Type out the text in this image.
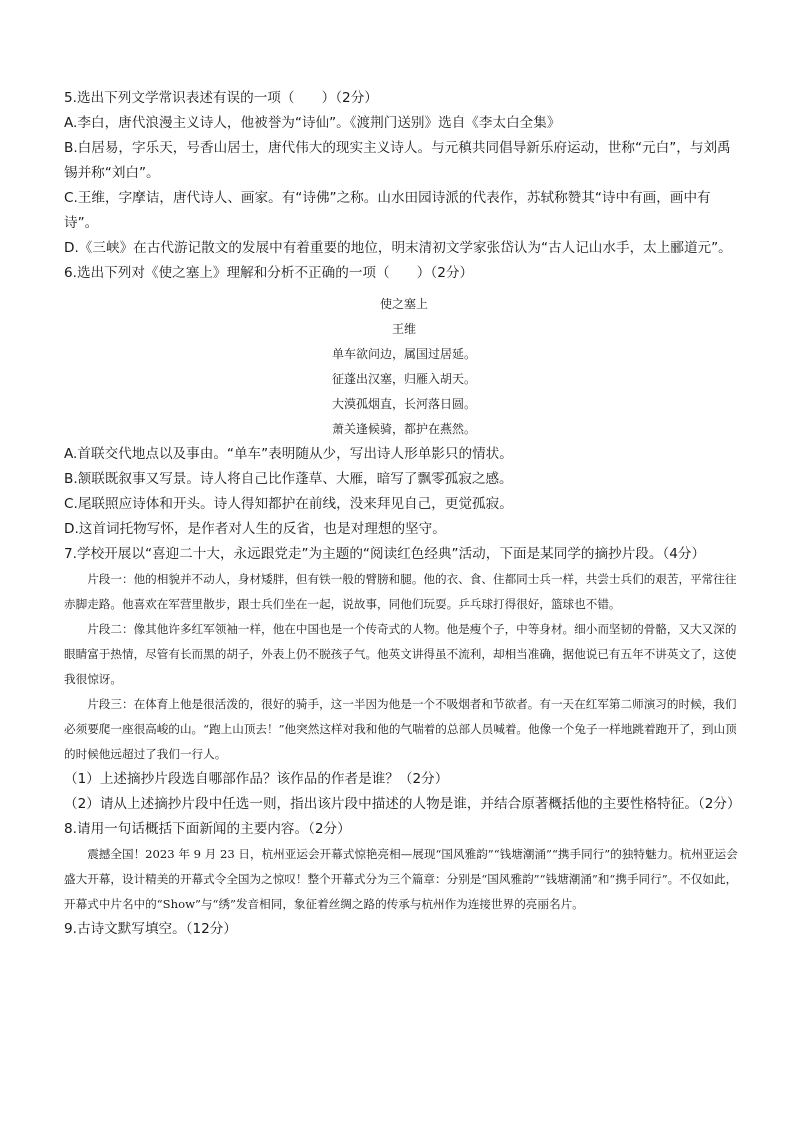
5.选出下列文学常识表述有误的一项（　　）（2分）

A.李白，唐代浪漫主义诗人，他被誉为“诗仙”。《渡荆门送别》选自《李太白全集》

B.白居易，字乐天，号香山居士，唐代伟大的现实主义诗人。与元稹共同倡导新乐府运动，世称“元白”，与刘禹锡并称“刘白”。

C.王维，字摩诘，唐代诗人、画家。有“诗佛”之称。山水田园诗派的代表作，苏轼称赞其“诗中有画，画中有诗”。

D.《三峡》在古代游记散文的发展中有着重要的地位，明末清初文学家张岱认为“古人记山水手，太上郦道元”。

6.选出下列对《使之塞上》理解和分析不正确的一项（　　）（2分）

使之塞上

王维

单车欲问边，属国过居延。

征蓬出汉塞，归雁入胡天。

大漠孤烟直，长河落日圆。

萧关逢候骑，都护在燕然。

A.首联交代地点以及事由。“单车”表明随从少，写出诗人形单影只的情状。

B.颔联既叙事又写景。诗人将自己比作蓬草、大雁，暗写了飘零孤寂之感。

C.尾联照应诗体和开头。诗人得知都护在前线，没来拜见自己，更觉孤寂。

D.这首词托物写怀，是作者对人生的反省，也是对理想的坚守。

7.学校开展以“喜迎二十大，永远跟党走”为主题的“阅读红色经典”活动，下面是某同学的摘抄片段。（4分）

片段一：他的相貌并不动人，身材矮胖，但有铁一般的臂膀和腿。他的衣、食、住都同士兵一样，共尝士兵们的艰苦，平常往往赤脚走路。他喜欢在军营里散步，跟士兵们坐在一起，说故事，同他们玩耍。乒乓球打得很好，篮球也不错。

片段二：像其他许多红军领袖一样，他在中国也是一个传奇式的人物。他是瘦个子，中等身材。细小而坚韧的骨骼，又大又深的眼睛富于热情，尽管有长而黑的胡子，外表上仍不脱孩子气。他英文讲得虽不流利，却相当准确，据他说已有五年不讲英文了，这使我很惊讶。

片段三：在体育上他是很活泼的，很好的骑手，这一半因为他是一个不吸烟者和节欲者。有一天在红军第二师演习的时候，我们必须要爬一座很高峻的山。“跑上山顶去！”他突然这样对我和他的气喘着的总部人员喊着。他像一个兔子一样地跳着跑开了，到山顶的时候他远超过了我们一行人。

（1）上述摘抄片段选自哪部作品？该作品的作者是谁？（2分）

（2）请从上述摘抄片段中任选一则，指出该片段中描述的人物是谁，并结合原著概括他的主要性格特征。（2分）

8.请用一句话概括下面新闻的主要内容。（2分）

震撼全国！2023 年 9 月 23 日，杭州亚运会开幕式惊艳亮相—展现“国风雅韵”“钱塘潮涌”“携手同行”的独特魅力。杭州亚运会盛大开幕，设计精美的开幕式令全国为之惊叹！整个开幕式分为三个篇章：分别是“国风雅韵”“钱塘潮涌”和“携手同行”。不仅如此，开幕式中片名中的“Show”与“绣”发音相同，象征着丝绸之路的传承与杭州作为连接世界的亮丽名片。

9.古诗文默写填空。（12分）
